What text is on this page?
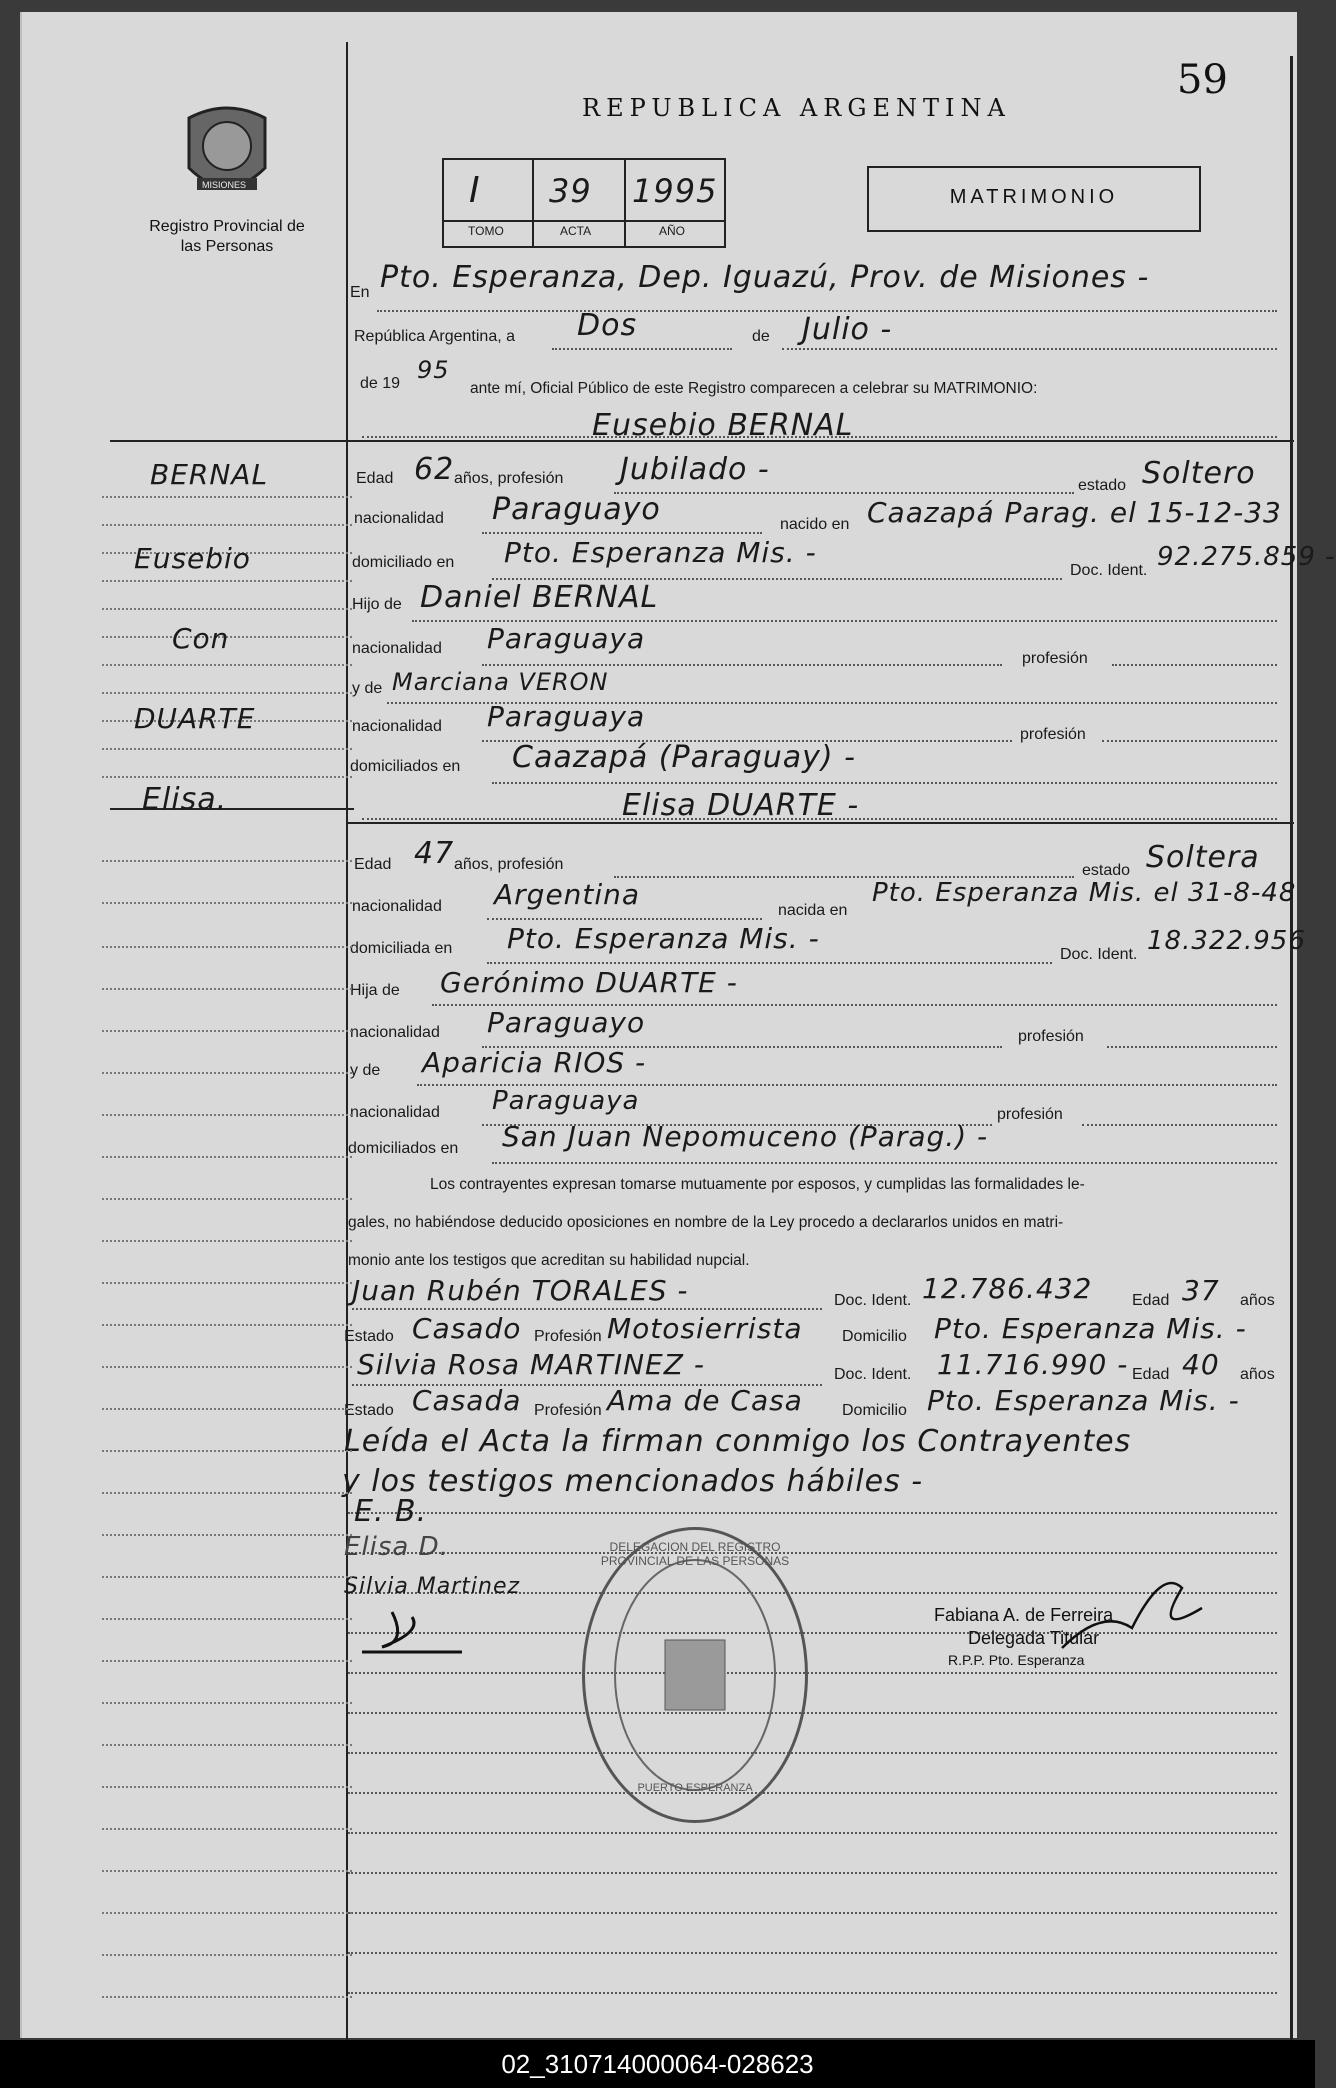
59
REPUBLICA ARGENTINA
MISIONES
Registro Provincial de las Personas
I 39 1995
TOMO	ACTA	AÑO
MATRIMONIO
En Pto. Esperanza, Dep. Iguazú, Prov. de Misiones -
República Argentina, a Dos	de Julio -
de 19 95
ante mí, Oficial Público de este Registro comparecen a celebrar su MATRIMONIO:
Eusebio BERNAL
Edad 62 años, profesión Jubilado -	estado Soltero
nacionalidad Paraguayo	nacido en Caazapá Parag. el 15-12-33
domiciliado en Pto. Esperanza Mis. -
Doc. Ident. 92.275.859 -
Hijo de Daniel BERNAL
nacionalidad Paraguaya
profesión
y de Marciana VERON
nacionalidad Paraguaya
profesión
domiciliados en Caazapá (Paraguay) -
Elisa DUARTE -
Edad 47 años, profesión	estado Soltera
nacionalidad Argentina	nacida en
Pto. Esperanza Mis. el 31-8-48
domiciliada en Pto. Esperanza Mis. -	Doc. Ident. 18.322.956
Hija de Gerónimo DUARTE -
nacionalidad Paraguayo	profesión
y de Aparicia RIOS -
nacionalidad Paraguaya	profesión
domiciliados en San Juan Nepomuceno (Parag.) -
Los contrayentes expresan tomarse mutuamente por esposos, y cumplidas las formalidades le-
gales, no habiéndose deducido oposiciones en nombre de la Ley procedo a declararlos unidos en matri-
monio ante los testigos que acreditan su habilidad nupcial.
Juan Rubén TORALES -	Doc. Ident. 12.786.432 Edad 37 años
Estado Casado Profesión Motosierrista Domicilio Pto. Esperanza Mis. -
Silvia Rosa MARTINEZ -	Doc. Ident. 11.716.990 - Edad 40 años
Estado Casada Profesión Ama de Casa Domicilio Pto. Esperanza Mis. -
Leída el Acta la firman conmigo los Contrayentes
y los testigos mencionados hábiles -
E. B.
Elisa D.
Silvia Martinez
DELEGACION DEL REGISTRO PROVINCIAL DE LAS PERSONAS
PUERTO ESPERANZA
Fabiana A. de Ferreira
Delegada Titular
R.P.P. Pto. Esperanza
BERNAL
Eusebio
Con
DUARTE
Elisa.
02_310714000064-028623
